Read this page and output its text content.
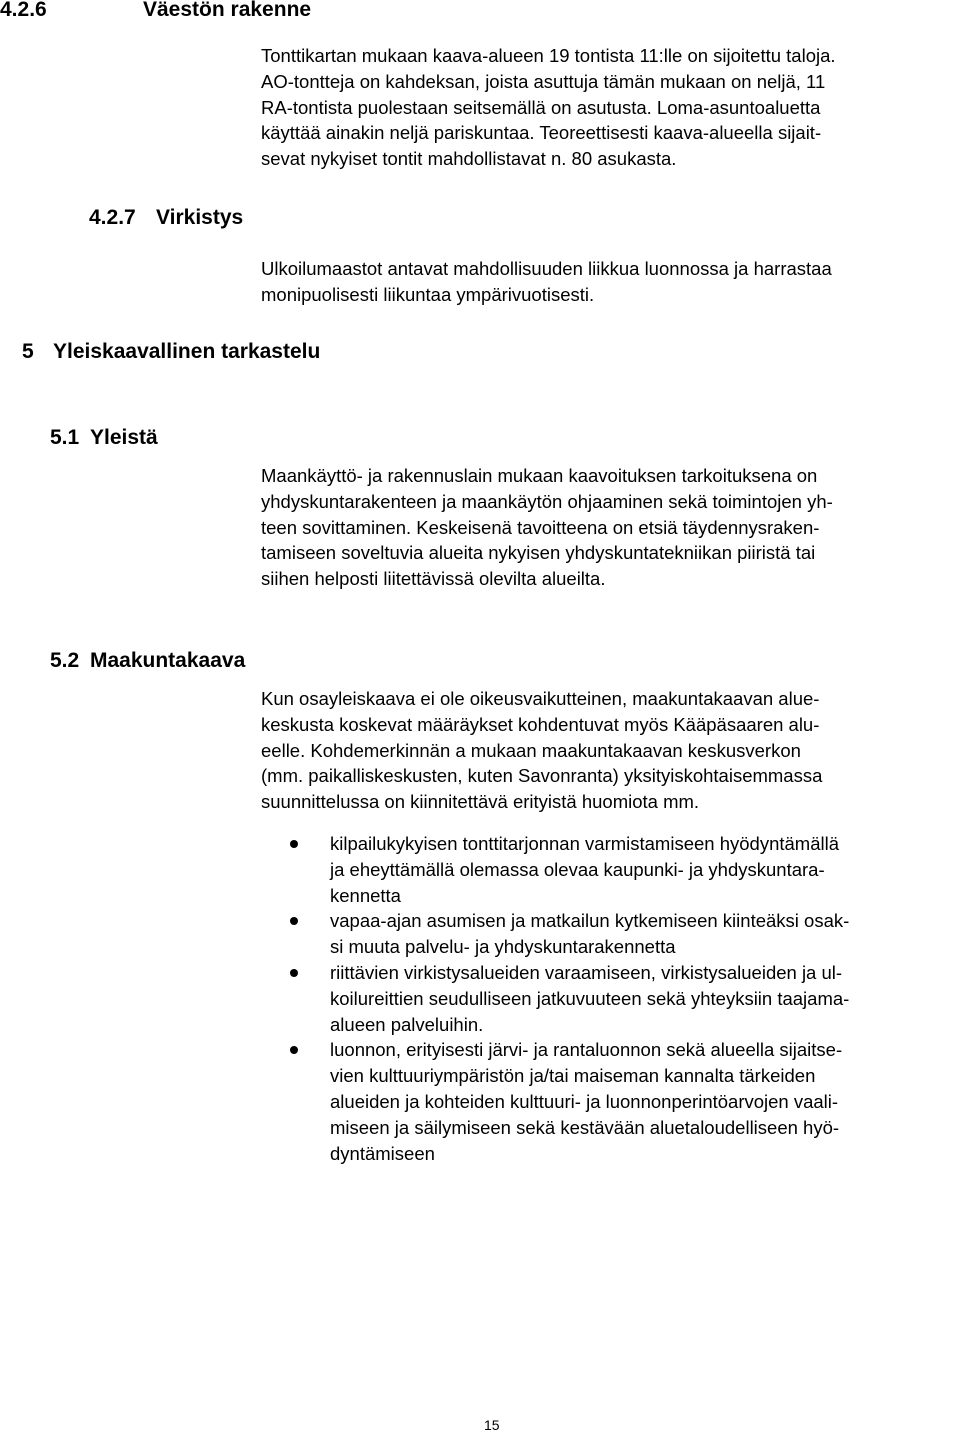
4.2.6	Väestön rakenne
Tonttikartan mukaan kaava-alueen 19 tontista 11:lle on sijoitettu taloja.
AO-tontteja on kahdeksan, joista asuttuja tämän mukaan on neljä, 11
RA-tontista puolestaan seitsemällä on asutusta. Loma-asuntoaluetta
käyttää ainakin neljä pariskuntaa. Teoreettisesti kaava-alueella sijait-
sevat nykyiset tontit mahdollistavat n. 80 asukasta.
4.2.7 Virkistys
Ulkoilumaastot antavat mahdollisuuden liikkua luonnossa ja harrastaa
monipuolisesti liikuntaa ympärivuotisesti.
5 Yleiskaavallinen tarkastelu
5.1 Yleistä
Maankäyttö- ja rakennuslain mukaan kaavoituksen tarkoituksena on
yhdyskuntarakenteen ja maankäytön ohjaaminen sekä toimintojen yh-
teen sovittaminen. Keskeisenä tavoitteena on etsiä täydennysraken-
tamiseen soveltuvia alueita nykyisen yhdyskuntatekniikan piiristä tai
siihen helposti liitettävissä olevilta alueilta.
5.2 Maakuntakaava
Kun osayleiskaava ei ole oikeusvaikutteinen, maakuntakaavan alue-
keskusta koskevat määräykset kohdentuvat myös Kääpäsaaren alu-
eelle. Kohdemerkinnän a mukaan maakuntakaavan keskusverkon
(mm. paikalliskeskusten, kuten Savonranta) yksityiskohtaisemmassa
suunnittelussa on kiinnitettävä erityistä huomiota mm.
kilpailukykyisen tonttitarjonnan varmistamiseen hyödyntämällä
ja eheyttämällä olemassa olevaa kaupunki- ja yhdyskuntara-
kennetta
vapaa-ajan asumisen ja matkailun kytkemiseen kiinteäksi osak-
si muuta palvelu- ja yhdyskuntarakennetta
riittävien virkistysalueiden varaamiseen, virkistysalueiden ja ul-
koilureittien seudulliseen jatkuvuuteen sekä yhteyksiin taajama-
alueen palveluihin.
luonnon, erityisesti järvi- ja rantaluonnon sekä alueella sijaitse-
vien kulttuuriympäristön ja/tai maiseman kannalta tärkeiden
alueiden ja kohteiden kulttuuri- ja luonnonperintöarvojen vaali-
miseen ja säilymiseen sekä kestävään aluetaloudelliseen hyö-
dyntämiseen
15
